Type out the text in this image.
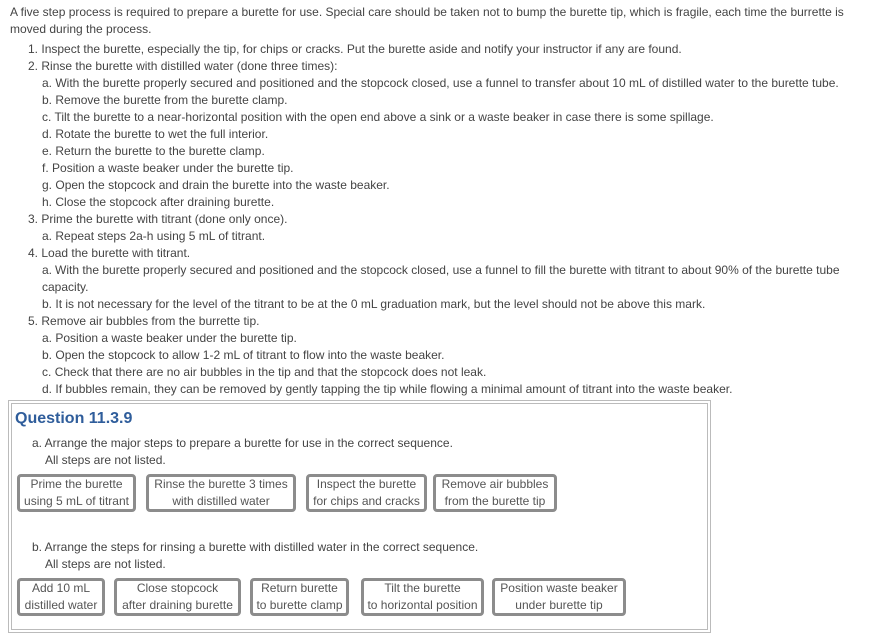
A five step process is required to prepare a burette for use. Special care should be taken not to bump the burette tip, which is fragile, each time the burrette is moved during the process.
1. Inspect the burette, especially the tip, for chips or cracks. Put the burette aside and notify your instructor if any are found.
2. Rinse the burette with distilled water (done three times):
a. With the burette properly secured and positioned and the stopcock closed, use a funnel to transfer about 10 mL of distilled water to the burette tube.
b. Remove the burette from the burette clamp.
c. Tilt the burette to a near-horizontal position with the open end above a sink or a waste beaker in case there is some spillage.
d. Rotate the burette to wet the full interior.
e. Return the burette to the burette clamp.
f. Position a waste beaker under the burette tip.
g. Open the stopcock and drain the burette into the waste beaker.
h. Close the stopcock after draining burette.
3. Prime the burette with titrant (done only once).
a. Repeat steps 2a-h using 5 mL of titrant.
4. Load the burette with titrant.
a. With the burette properly secured and positioned and the stopcock closed, use a funnel to fill the burette with titrant to about 90% of the burette tube capacity.
b. It is not necessary for the level of the titrant to be at the 0 mL graduation mark, but the level should not be above this mark.
5. Remove air bubbles from the burrette tip.
a. Position a waste beaker under the burette tip.
b. Open the stopcock to allow 1-2 mL of titrant to flow into the waste beaker.
c. Check that there are no air bubbles in the tip and that the stopcock does not leak.
d. If bubbles remain, they can be removed by gently tapping the tip while flowing a minimal amount of titrant into the waste beaker.
Question 11.3.9
a. Arrange the major steps to prepare a burette for use in the correct sequence.
All steps are not listed.
Prime the burette
using 5 mL of titrant
Rinse the burette 3 times
with distilled water
Inspect the burette
for chips and cracks
Remove air bubbles
from the burette tip
b. Arrange the steps for rinsing a burette with distilled water in the correct sequence.
All steps are not listed.
Add 10 mL
distilled water
Close stopcock
after draining burette
Return burette
to burette clamp
Tilt the burette
to horizontal position
Position waste beaker
under burette tip
